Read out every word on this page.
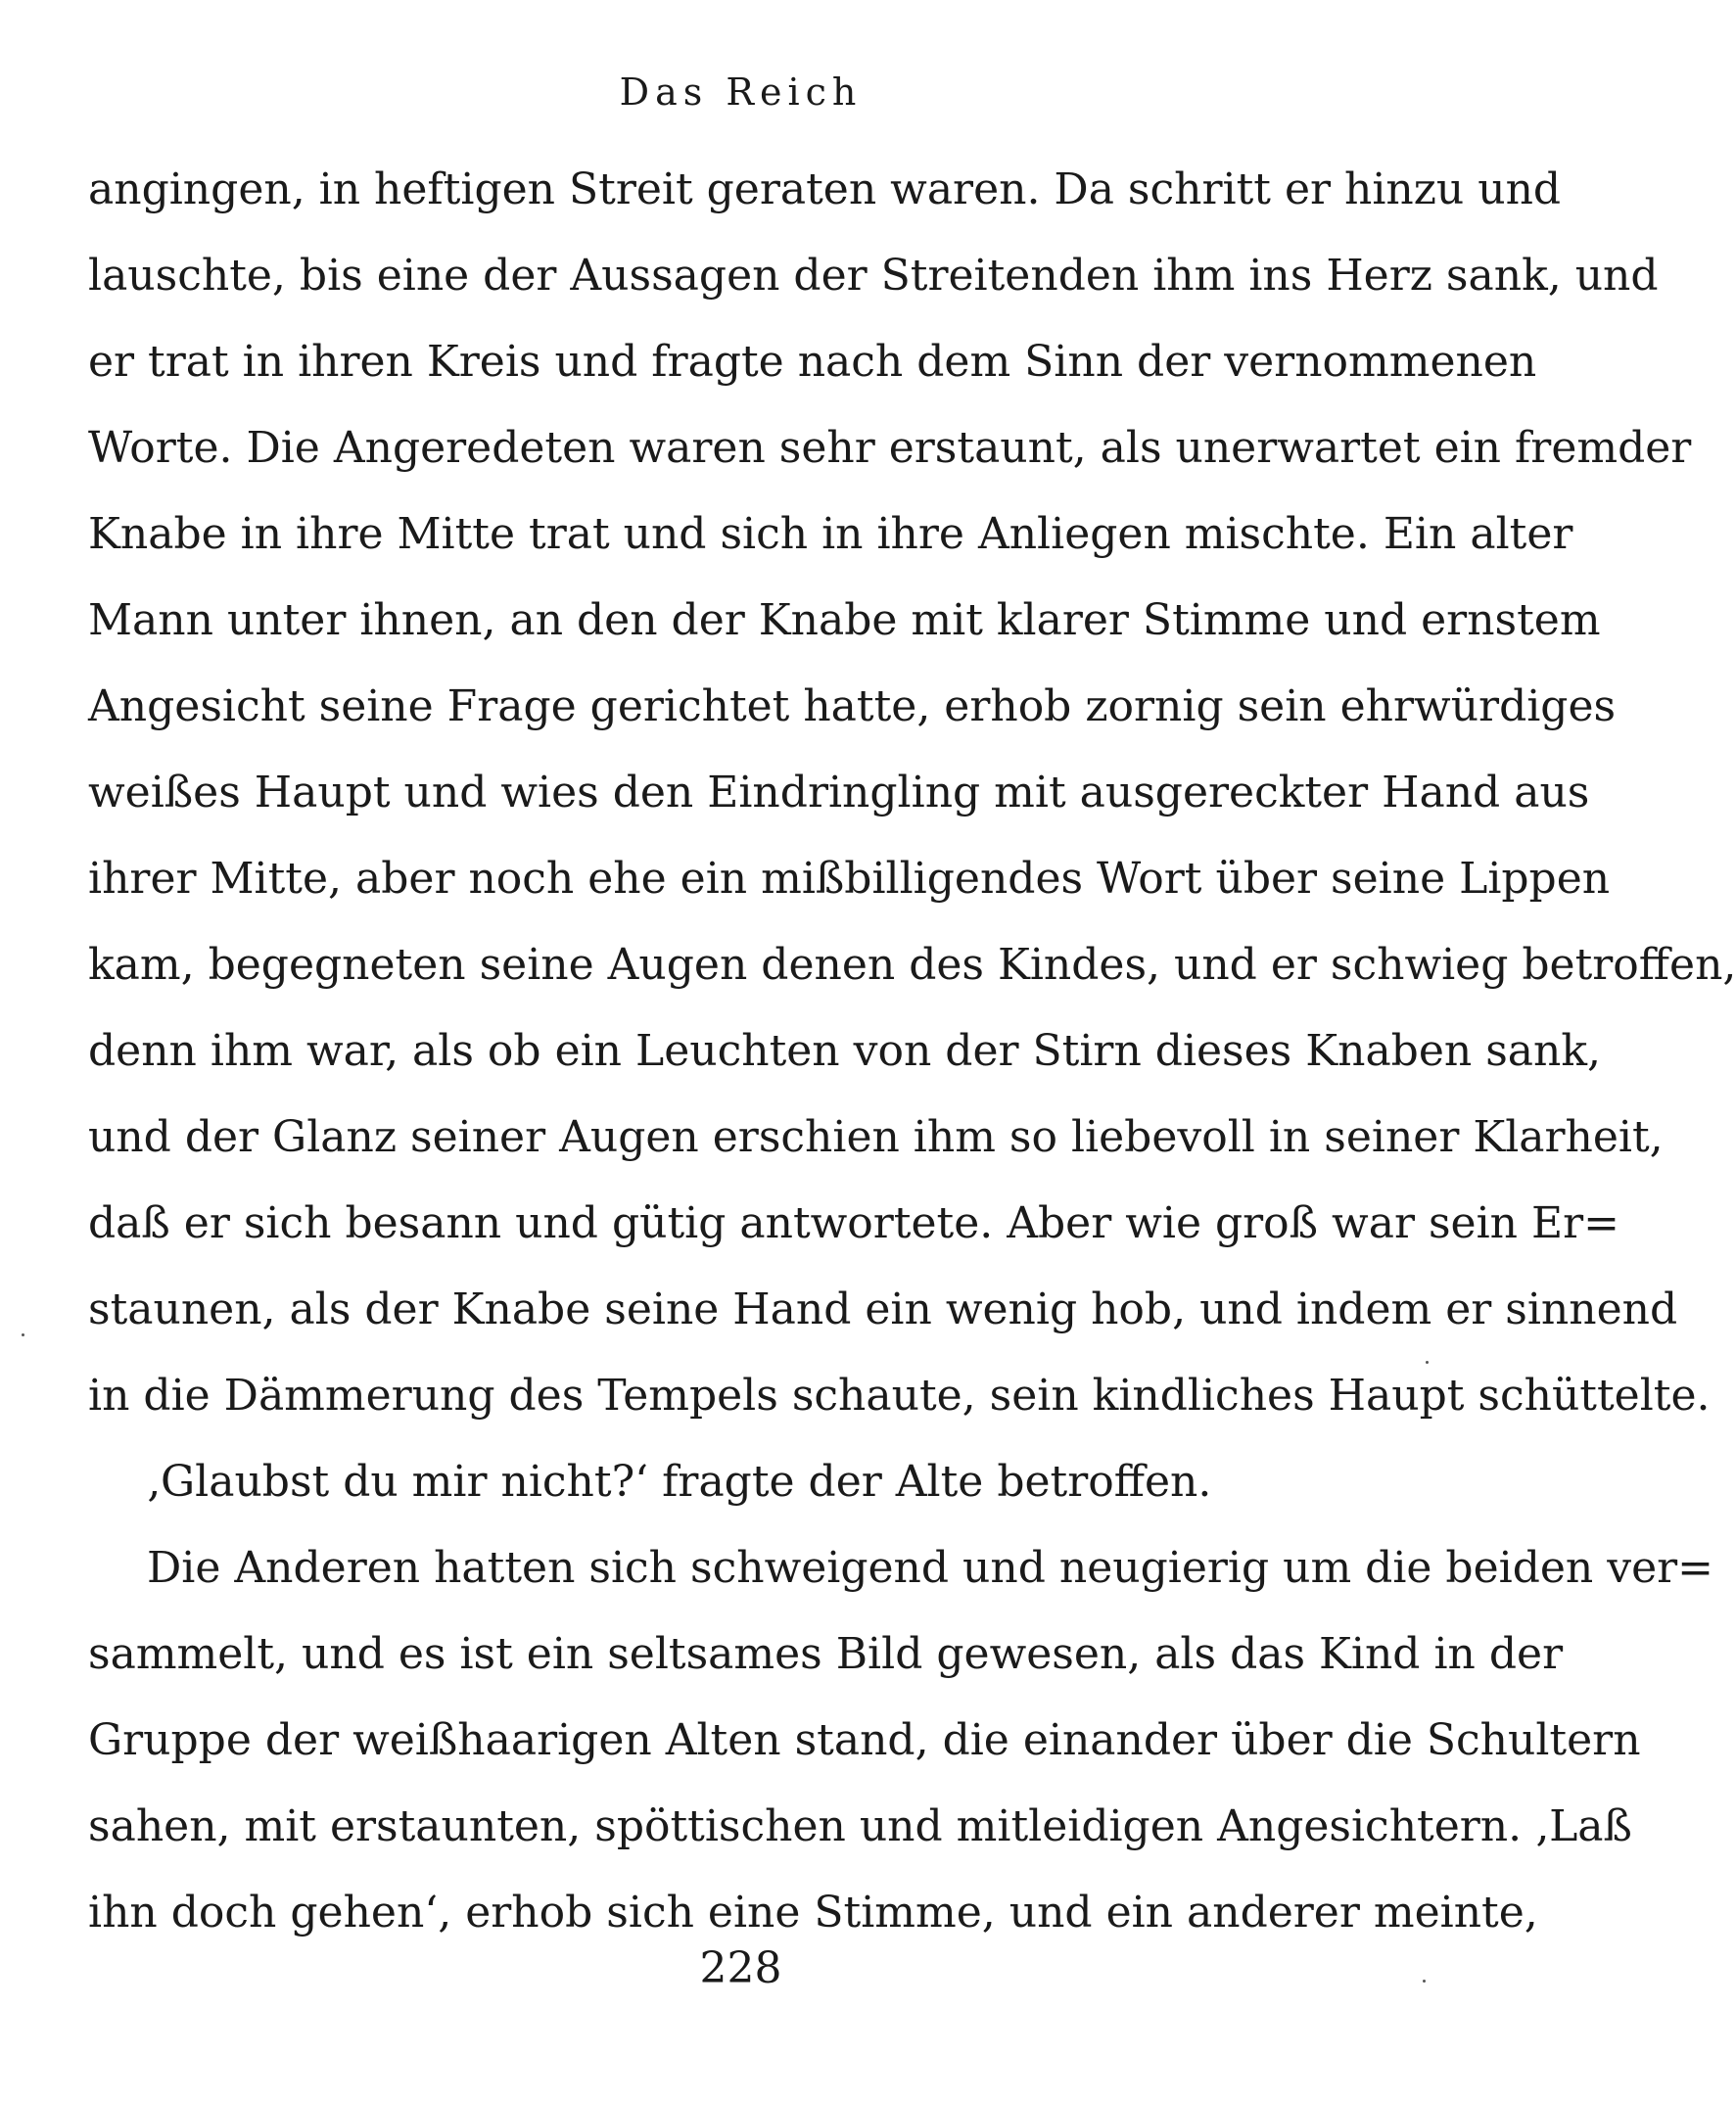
Das Reich
angingen, in heftigen Streit geraten waren. Da schritt er hinzu und
lauschte, bis eine der Aussagen der Streitenden ihm ins Herz sank, und
er trat in ihren Kreis und fragte nach dem Sinn der vernommenen
Worte. Die Angeredeten waren sehr erstaunt, als unerwartet ein fremder
Knabe in ihre Mitte trat und sich in ihre Anliegen mischte. Ein alter
Mann unter ihnen, an den der Knabe mit klarer Stimme und ernstem
Angesicht seine Frage gerichtet hatte, erhob zornig sein ehrwürdiges
weißes Haupt und wies den Eindringling mit ausgereckter Hand aus
ihrer Mitte, aber noch ehe ein mißbilligendes Wort über seine Lippen
kam, begegneten seine Augen denen des Kindes, und er schwieg betroffen,
denn ihm war, als ob ein Leuchten von der Stirn dieses Knaben sank,
und der Glanz seiner Augen erschien ihm so liebevoll in seiner Klarheit,
daß er sich besann und gütig antwortete. Aber wie groß war sein Er=
staunen, als der Knabe seine Hand ein wenig hob, und indem er sinnend
in die Dämmerung des Tempels schaute, sein kindliches Haupt schüttelte.
‚Glaubst du mir nicht?‘ fragte der Alte betroffen.
Die Anderen hatten sich schweigend und neugierig um die beiden ver=
sammelt, und es ist ein seltsames Bild gewesen, als das Kind in der
Gruppe der weißhaarigen Alten stand, die einander über die Schultern
sahen, mit erstaunten, spöttischen und mitleidigen Angesichtern. ‚Laß
ihn doch gehen‘, erhob sich eine Stimme, und ein anderer meinte,
228
